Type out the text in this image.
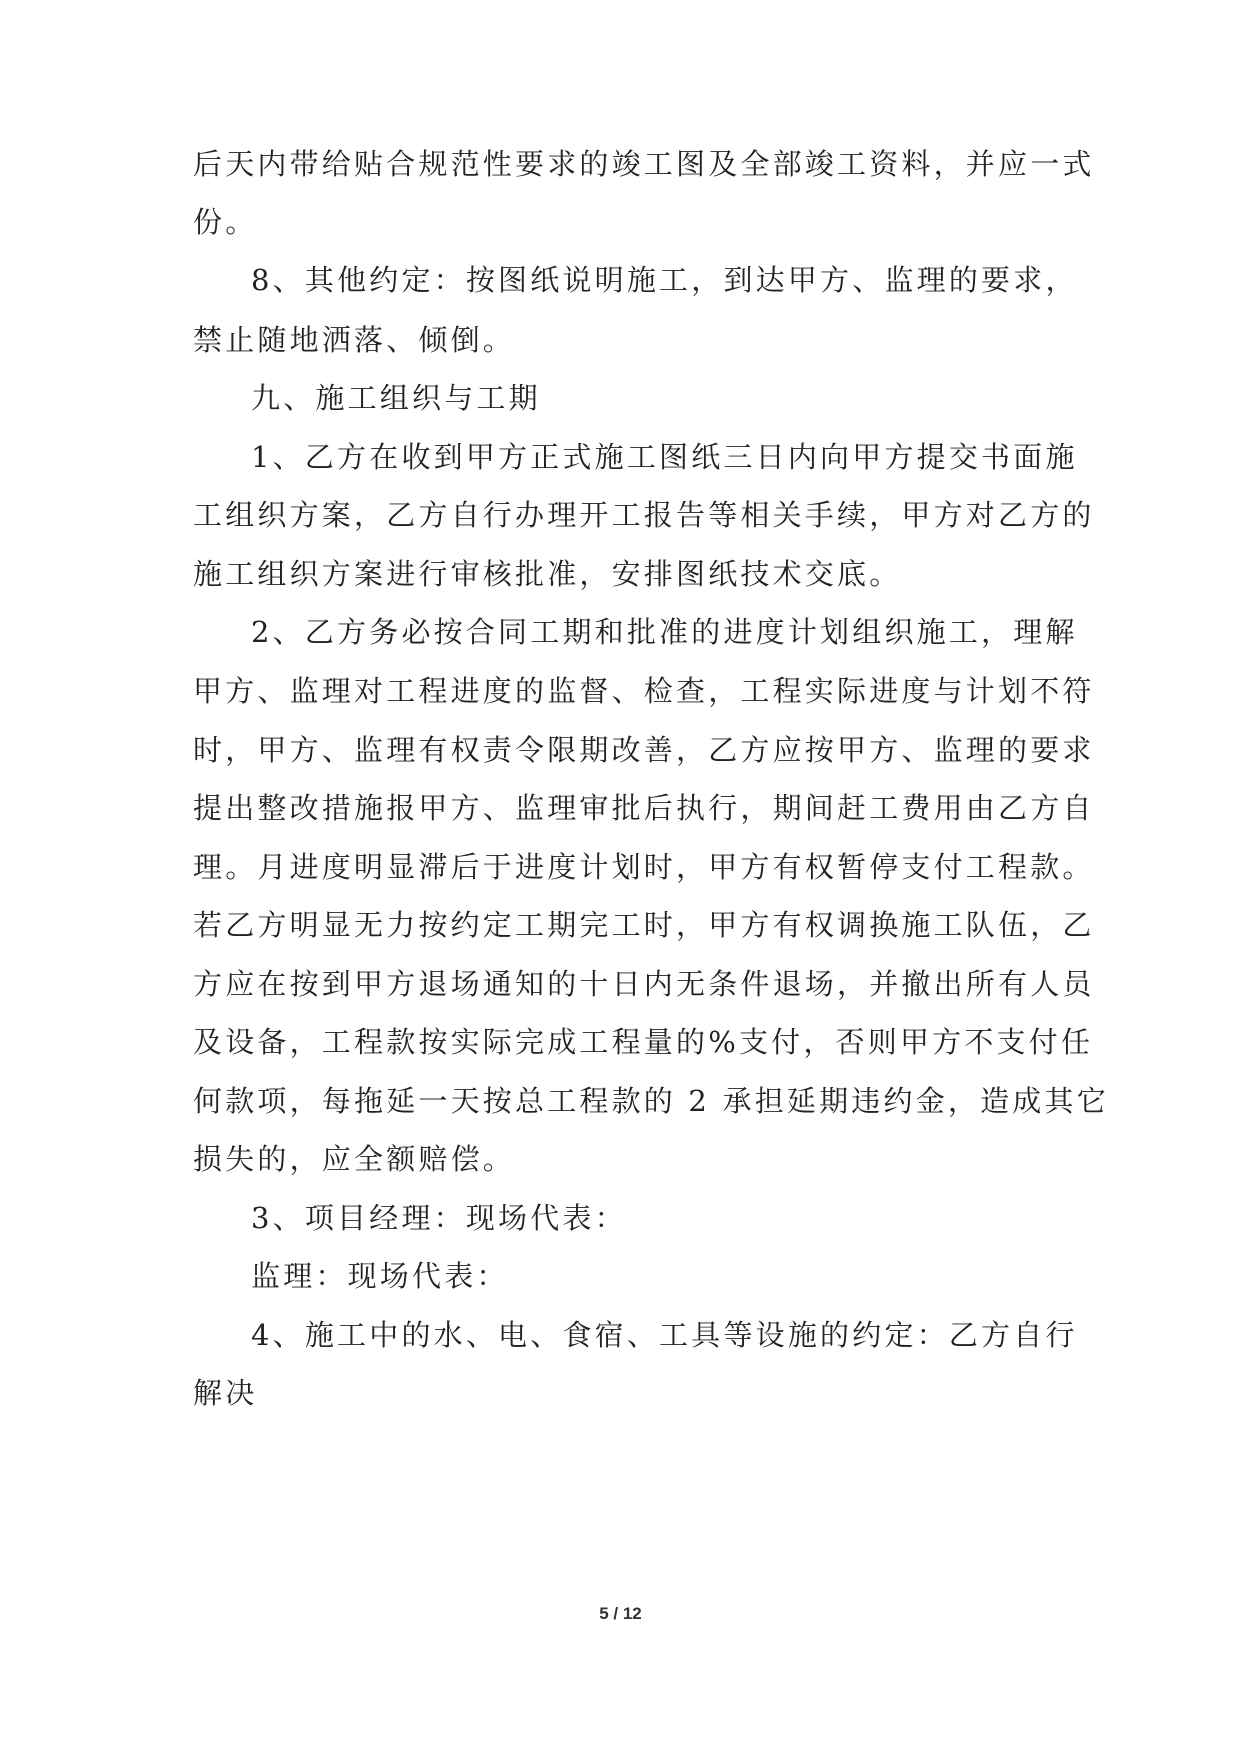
后天内带给贴合规范性要求的竣工图及全部竣工资料，并应一式
份。
8、其他约定：按图纸说明施工，到达甲方、监理的要求，
禁止随地洒落、倾倒。
九、施工组织与工期
1、乙方在收到甲方正式施工图纸三日内向甲方提交书面施
工组织方案，乙方自行办理开工报告等相关手续，甲方对乙方的
施工组织方案进行审核批准，安排图纸技术交底。
2、乙方务必按合同工期和批准的进度计划组织施工，理解
甲方、监理对工程进度的监督、检查，工程实际进度与计划不符
时，甲方、监理有权责令限期改善，乙方应按甲方、监理的要求
提出整改措施报甲方、监理审批后执行，期间赶工费用由乙方自
理。月进度明显滞后于进度计划时，甲方有权暂停支付工程款。
若乙方明显无力按约定工期完工时，甲方有权调换施工队伍，乙
方应在按到甲方退场通知的十日内无条件退场，并撤出所有人员
及设备，工程款按实际完成工程量的%支付，否则甲方不支付任
何款项，每拖延一天按总工程款的 2 承担延期违约金，造成其它
损失的，应全额赔偿。
3、项目经理：现场代表：
监理：现场代表：
4、施工中的水、电、食宿、工具等设施的约定：乙方自行
解决
5 / 12
